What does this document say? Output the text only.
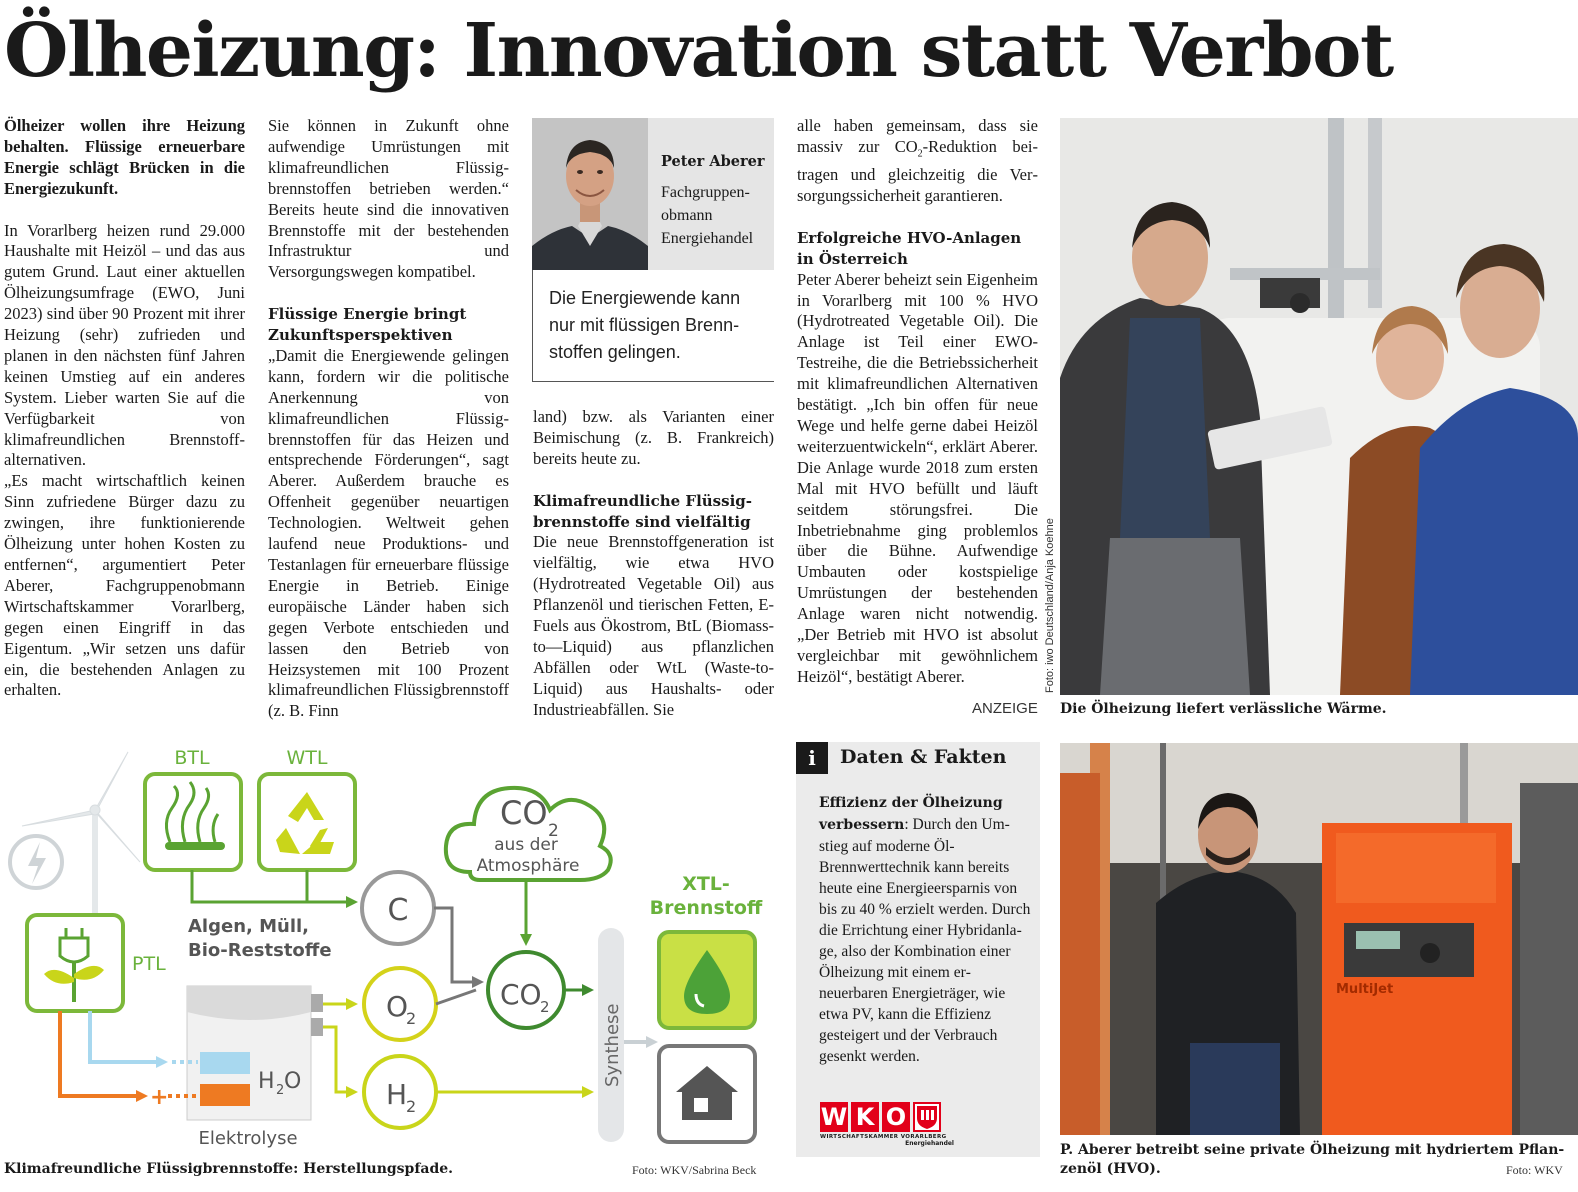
Ölheizung: Innovation statt Verbot

Ölheizer wollen ihre Heizung behalten. Flüssige erneuerbare Energie schlägt Brücken in die Energiezukunft.

In Vorarlberg heizen rund 29.000 Haushalte mit Heizöl – und das aus gutem Grund. Laut einer aktuellen Ölheizungsumfrage (EWO, Juni 2023) sind über 90 Prozent mit ihrer Heizung (sehr) zufrieden und planen in den nächsten fünf Jahren keinen Umstieg auf ein anderes System. Lieber warten Sie auf die Verfügbarkeit von klimafreundlichen Brennstoffalternativen.

„Es macht wirtschaftlich keinen Sinn zufriedene Bürger dazu zu zwingen, ihre funktionierende Ölheizung unter hohen Kosten zu entfernen“, argumentiert Peter Aberer, Fachgruppenobmann Wirtschaftskammer Vorarlberg, gegen einen Eingriff in das Eigentum. „Wir setzen uns dafür ein, die bestehenden Anlagen zu erhalten.

Sie können in Zukunft ohne aufwendige Umrüstungen mit klimafreundlichen Flüssigbrennstoffen betrieben werden.“ Bereits heute sind die innovativen Brennstoffe mit der bestehenden Infrastruktur und Versorgungswegen kompatibel.

Flüssige Energie bringt Zukunftsperspektiven

„Damit die Energiewende gelingen kann, fordern wir die politische Anerkennung von klimafreundlichen Flüssigbrennstoffen für das Heizen und entsprechende Förderungen“, sagt Aberer. Außerdem brauche es Offenheit gegenüber neuartigen Technologien. Weltweit gehen laufend neue Produktions- und Testanlagen für erneuerbare flüssige Energie in Betrieb. Einige europäische Länder haben sich gegen Verbote entschieden und lassen den Betrieb von Heizsystemen mit 100 Prozent klimafreundlichen Flüssigbrennstoff (z. B. Finn

Peter Aberer
Fachgruppen-
obmann
Energiehandel
Die Energiewende kann nur mit flüssigen Brennstoffen gelingen.

land) bzw. als Varianten einer Beimischung (z. B. Frankreich) bereits heute zu.

Klimafreundliche Flüssigbrennstoffe sind vielfältig

Die neue Brennstoffgeneration ist vielfältig, wie etwa HVO (Hydrotreated Vegetable Oil) aus Pflanzenöl und tierischen Fetten, E-Fuels aus Ökostrom, BtL (Biomass-to—Liquid) aus pflanzlichen Abfällen oder WtL (Waste-to-Liquid) aus Haushalts- oder Industrieabfällen. Sie

alle haben gemeinsam, dass sie massiv zur $CO_2$-Reduktion beitragen und gleichzeitig die Versorgungssicherheit garantieren.

Erfolgreiche HVO-Anlagen in Österreich

Peter Aberer beheizt sein Eigenheim in Vorarlberg mit 100 % HVO (Hydrotreated Vegetable Oil). Die Anlage ist Teil einer EWO-Testreihe, die die Betriebssicherheit mit klimafreundlichen Alternativen bestätigt. „Ich bin offen für neue Wege und helfe gerne dabei Heizöl weiterzuentwickeln“, erklärt Aberer. Die Anlage wurde 2018 zum ersten Mal mit HVO befüllt und läuft seitdem störungsfrei. Die Inbetriebnahme ging problemlos über die Bühne. Aufwendige Umbauten oder kostspielige Umrüstungen der bestehenden Anlage waren nicht notwendig. „Der Betrieb mit HVO ist absolut vergleichbar mit gewöhnlichem Heizöl“, bestätigt Aberer.

ANZEIGE
Foto: iwo Deutschland/Anja Koehne
Die Ölheizung liefert verlässliche Wärme.
i	Daten & Fakten
Effizienz der Ölheizung verbessern: Durch den Umstieg auf moderne Öl-Brennwerttechnik kann bereits heute eine Energieersparnis von bis zu 40 % erzielt werden. Durch die Errichtung einer Hybridanlage, also der Kombination einer Ölheizung mit einem erneuerbaren Energieträger, wie etwa PV, kann die Effizienz gesteigert und der Verbrauch gesenkt werden.
W K O
WIRTSCHAFTSKAMMER VORARLBERG
Energiehandel
BTL	WTL
Algen, Müll,
Bio-Reststoffe
C
CO 2
aus der
Atmosphäre
PTL
H 2 O
Elektrolyse
+
O
2
H
2
CO
2	Synthese
XTL-
Brennstoff
Klimafreundliche Flüssigbrennstoffe: Herstellungspfade.	Foto: WKV/Sabrina Beck
MultiJet
P. Aberer betreibt seine private Ölheizung mit hydriertem Pflanzenöl (HVO).	Foto: WKV
